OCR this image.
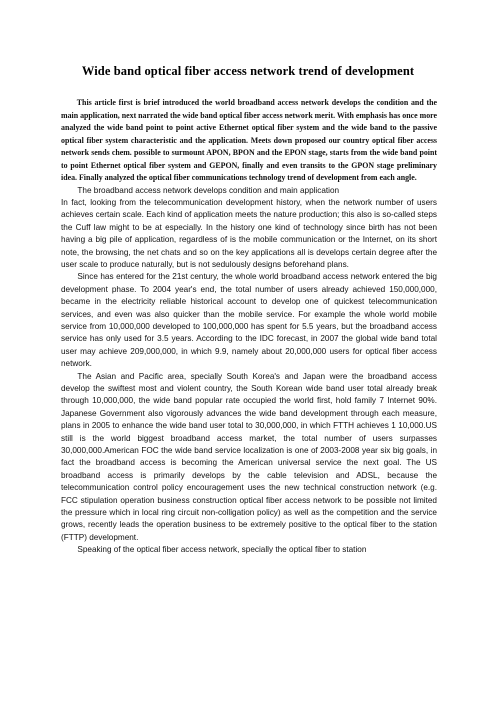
Wide band optical fiber access network trend of development

This article first is brief introduced the world broadband access network develops the condition and the main application, next narrated the wide band optical fiber access network merit. With emphasis has once more analyzed the wide band point to point active Ethernet optical fiber system and the wide band to the passive optical fiber system characteristic and the application. Meets down proposed our country optical fiber access network sends chem. possible to surmount APON, BPON and the EPON stage, starts from the wide band point to point Ethernet optical fiber system and GEPON, finally and even transits to the GPON stage preliminary idea. Finally analyzed the optical fiber communications technology trend of development from each angle.

The broadband access network develops condition and main application

In fact, looking from the telecommunication development history, when the network number of users achieves certain scale. Each kind of application meets the nature production; this also is so-called steps the Cuff law might to be at especially. In the history one kind of technology since birth has not been having a big pile of application, regardless of is the mobile communication or the Internet, on its short note, the browsing, the net chats and so on the key applications all is develops certain degree after the user scale to produce naturally, but is not sedulously designs beforehand plans.

Since has entered for the 21st century, the whole world broadband access network entered the big development phase. To 2004 year's end, the total number of users already achieved 150,000,000, became in the electricity reliable historical account to develop one of quickest telecommunication services, and even was also quicker than the mobile service. For example the whole world mobile service from 10,000,000 developed to 100,000,000 has spent for 5.5 years, but the broadband access service has only used for 3.5 years. According to the IDC forecast, in 2007 the global wide band total user may achieve 209,000,000, in which 9.9, namely about 20,000,000 users for optical fiber access network.

The Asian and Pacific area, specially South Korea's and Japan were the broadband access develop the swiftest most and violent country, the South Korean wide band user total already break through 10,000,000, the wide band popular rate occupied the world first, hold family 7 Internet 90%. Japanese Government also vigorously advances the wide band development through each measure, plans in 2005 to enhance the wide band user total to 30,000,000, in which FTTH achieves 1 10,000.US still is the world biggest broadband access market, the total number of users surpasses 30,000,000.American FOC the wide band service localization is one of 2003-2008 year six big goals, in fact the broadband access is becoming the American universal service the next goal. The US broadband access is primarily develops by the cable television and ADSL, because the telecommunication control policy encouragement uses the new technical construction network (e.g. FCC stipulation operation business construction optical fiber access network to be possible not limited the pressure which in local ring circuit non-colligation policy) as well as the competition and the service grows, recently leads the operation business to be extremely positive to the optical fiber to the station (FTTP) development.

Speaking of the optical fiber access network, specially the optical fiber to station
